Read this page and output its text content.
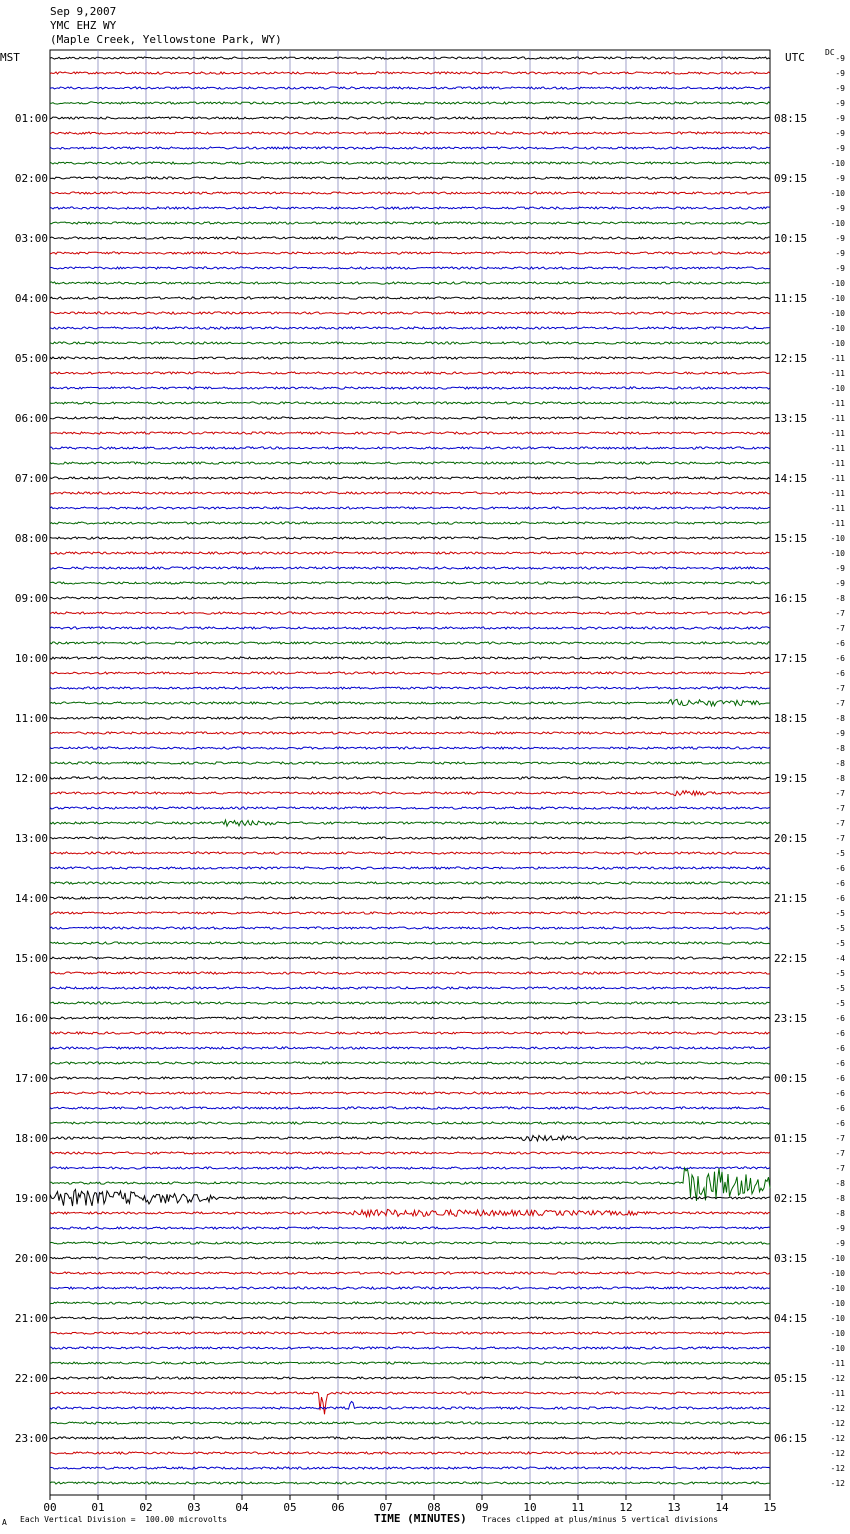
Sep 9,2007
YMC EHZ WY
(Maple Creek, Yellowstone Park, WY)
MST	UTC	DC
00	01	02	03	04	05	06	07	08	09	10	11	12	13	14	15
-9
-9
-9
-9
-9
-9
-9
-10
-9
-10
-9
-10
-9
-9
-9
-10
-10
-10
-10
-10
-11
-11
-10
-11
-11
-11
-11
-11
-11
-11
-11
-11
-10
-10
-9
-9
-8
-7
-7
-6
-6
-6
-7
-7
-8
-9
-8
-8
-8
-7
-7
-7
-7
-5
-6
-6
-6
-5
-5
-5
-4
-5
-5
-5
-6
-6
-6
-6
-6
-6
-6
-6
-7
-7
-7
-8
-8
-8
-9
-9
-10
-10
-10
-10
-10
-10
-10
-11
-12
-11
-12
-12
-12
-12
-12
-12
01:00
02:00
03:00
04:00
05:00
06:00
07:00
08:00
09:00
10:00
11:00
12:00
13:00
14:00
15:00
16:00
17:00
18:00
19:00
20:00
21:00
22:00
23:00
08:15
09:15
10:15
11:15
12:15
13:15
14:15
15:15
16:15
17:15
18:15
19:15
20:15
21:15
22:15
23:15
00:15
01:15
02:15
03:15
04:15
05:15
06:15
TIME (MINUTES)
A Each Vertical Division =  100.00 microvolts	Traces clipped at plus/minus 5 vertical divisions
